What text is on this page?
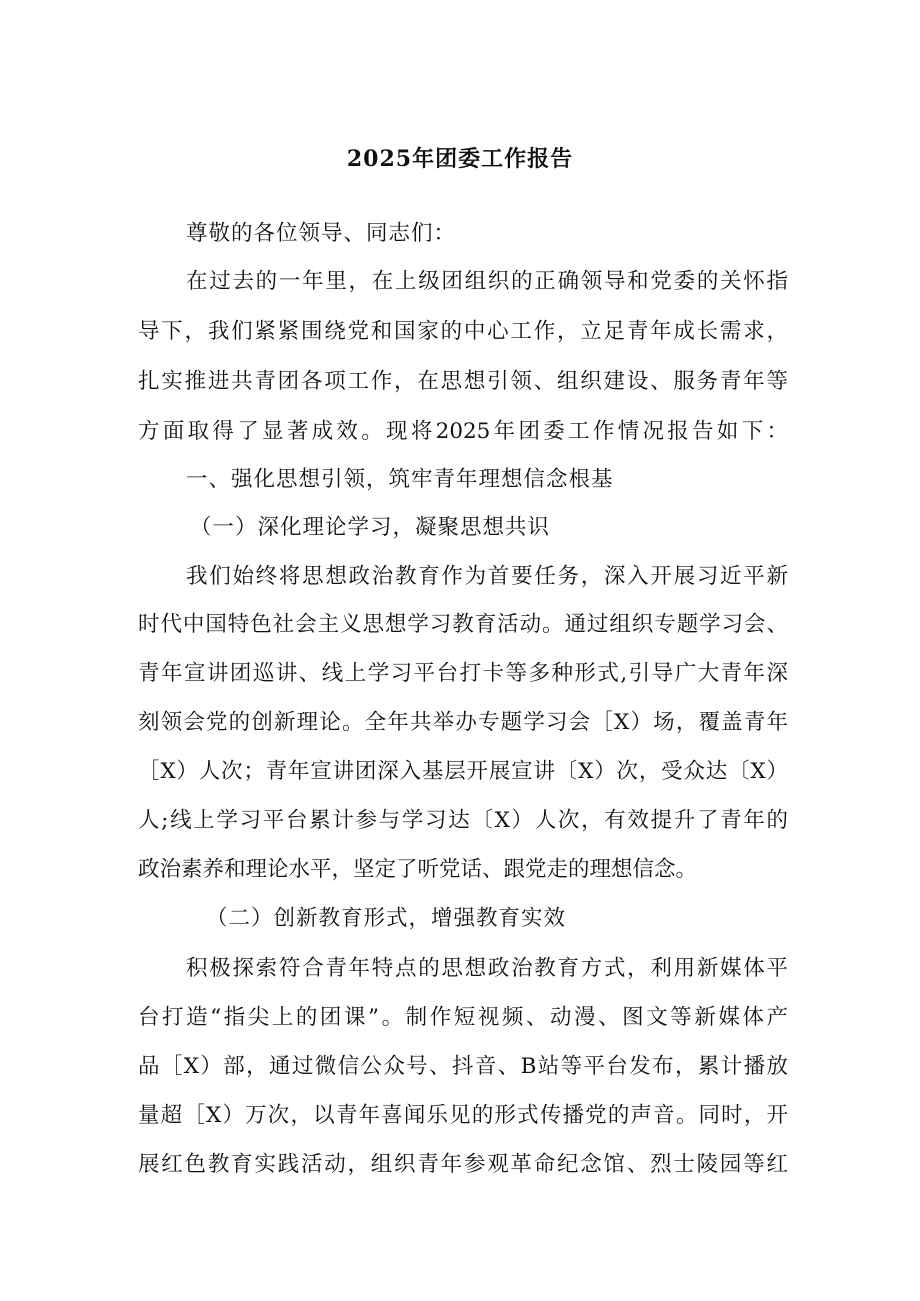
2025年团委工作报告
尊敬的各位领导、同志们：
在过去的一年里，在上级团组织的正确领导和党委的关怀指
导下，我们紧紧围绕党和国家的中心工作，立足青年成长需求，
扎实推进共青团各项工作，在思想引领、组织建设、服务青年等
方面取得了显著成效。现将2025年团委工作情况报告如下：
一、强化思想引领，筑牢青年理想信念根基
（一）深化理论学习，凝聚思想共识
我们始终将思想政治教育作为首要任务，深入开展习近平新
时代中国特色社会主义思想学习教育活动。通过组织专题学习会、
青年宣讲团巡讲、线上学习平台打卡等多种形式,引导广大青年深
刻领会党的创新理论。全年共举办专题学习会［X）场，覆盖青年
［X）人次；青年宣讲团深入基层开展宣讲〔X）次，受众达〔X）
人;线上学习平台累计参与学习达〔X）人次，有效提升了青年的
政治素养和理论水平，坚定了听党话、跟党走的理想信念。
（二）创新教育形式，增强教育实效
积极探索符合青年特点的思想政治教育方式，利用新媒体平
台打造“指尖上的团课”。制作短视频、动漫、图文等新媒体产
品［X）部，通过微信公众号、抖音、B站等平台发布，累计播放
量超［X）万次，以青年喜闻乐见的形式传播党的声音。同时，开
展红色教育实践活动，组织青年参观革命纪念馆、烈士陵园等红
